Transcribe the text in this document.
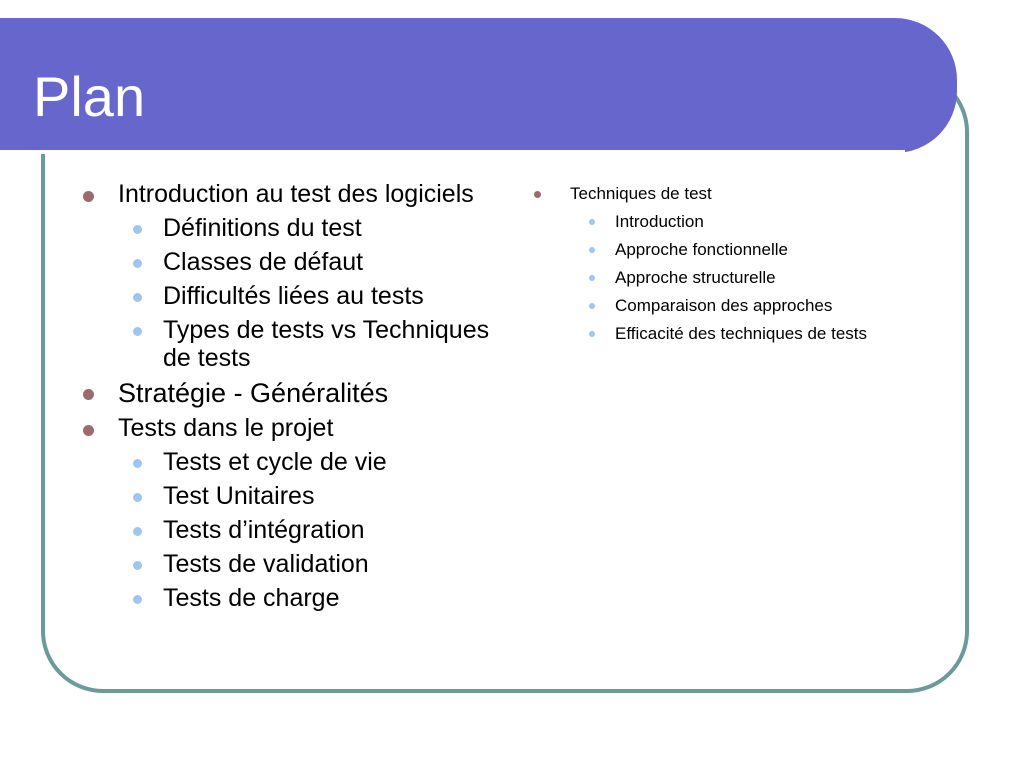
Plan
Introduction au test des logiciels
Définitions du test
Classes de défaut
Difficultés liées au tests
Types de tests vs Techniques de tests
Stratégie - Généralités
Tests dans le projet
Tests et cycle de vie
Test Unitaires
Tests d’intégration
Tests de validation
Tests de charge
Techniques de test
Introduction
Approche fonctionnelle
Approche structurelle
Comparaison des approches
Efficacité des techniques de tests
